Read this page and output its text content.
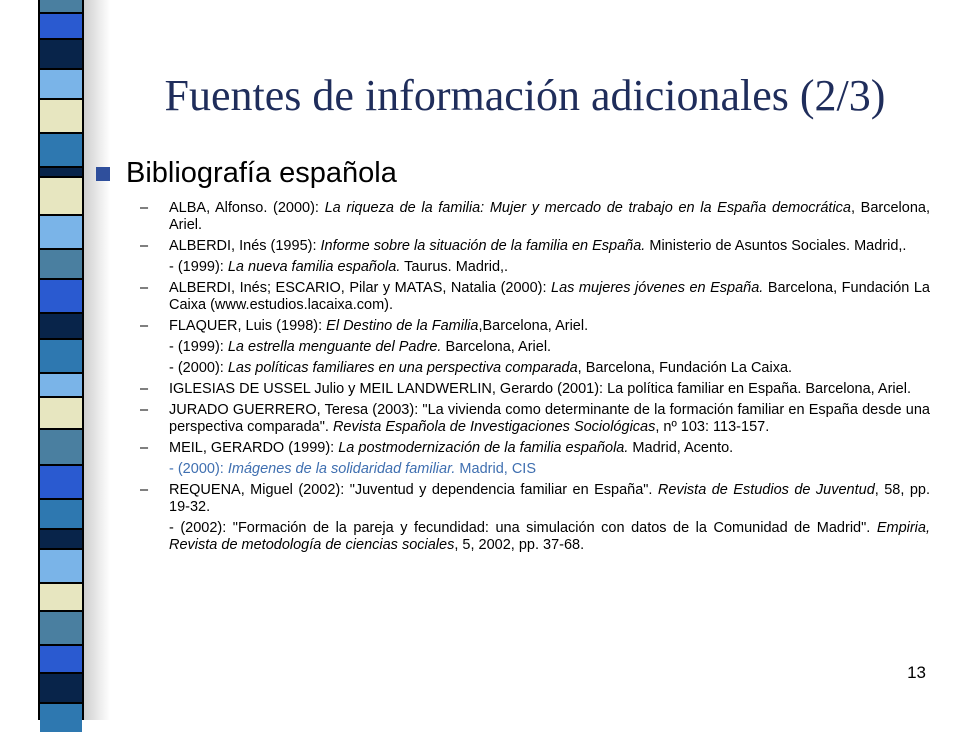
Fuentes de información adicionales (2/3)
Bibliografía española
– ALBA, Alfonso. (2000): La riqueza de la familia: Mujer y mercado de trabajo en la España democrática, Barcelona, Ariel.
– ALBERDI, Inés (1995): Informe sobre la situación de la familia en España. Ministerio de Asuntos Sociales. Madrid,.
- (1999): La nueva familia española. Taurus. Madrid,.
– ALBERDI, Inés; ESCARIO, Pilar y MATAS, Natalia (2000): Las mujeres jóvenes en España. Barcelona, Fundación La Caixa (www.estudios.lacaixa.com).
– FLAQUER, Luis (1998): El Destino de la Familia,Barcelona, Ariel.
- (1999): La estrella menguante del Padre. Barcelona, Ariel.
- (2000): Las políticas familiares en una perspectiva comparada, Barcelona, Fundación La Caixa.
– IGLESIAS DE USSEL Julio y MEIL LANDWERLIN, Gerardo (2001): La política familiar en España. Barcelona, Ariel.
– JURADO GUERRERO, Teresa (2003): "La vivienda como determinante de la formación familiar en España desde una perspectiva comparada". Revista Española de Investigaciones Sociológicas, nº 103: 113-157.
– MEIL, GERARDO (1999): La postmodernización de la familia española. Madrid, Acento.
- (2000): Imágenes de la solidaridad familiar. Madrid, CIS
– REQUENA, Miguel (2002): "Juventud y dependencia familiar en España". Revista de Estudios de Juventud, 58, pp. 19-32.
- (2002): "Formación de la pareja y fecundidad: una simulación con datos de la Comunidad de Madrid". Empiria, Revista de metodología de ciencias sociales, 5, 2002, pp. 37-68.
13
